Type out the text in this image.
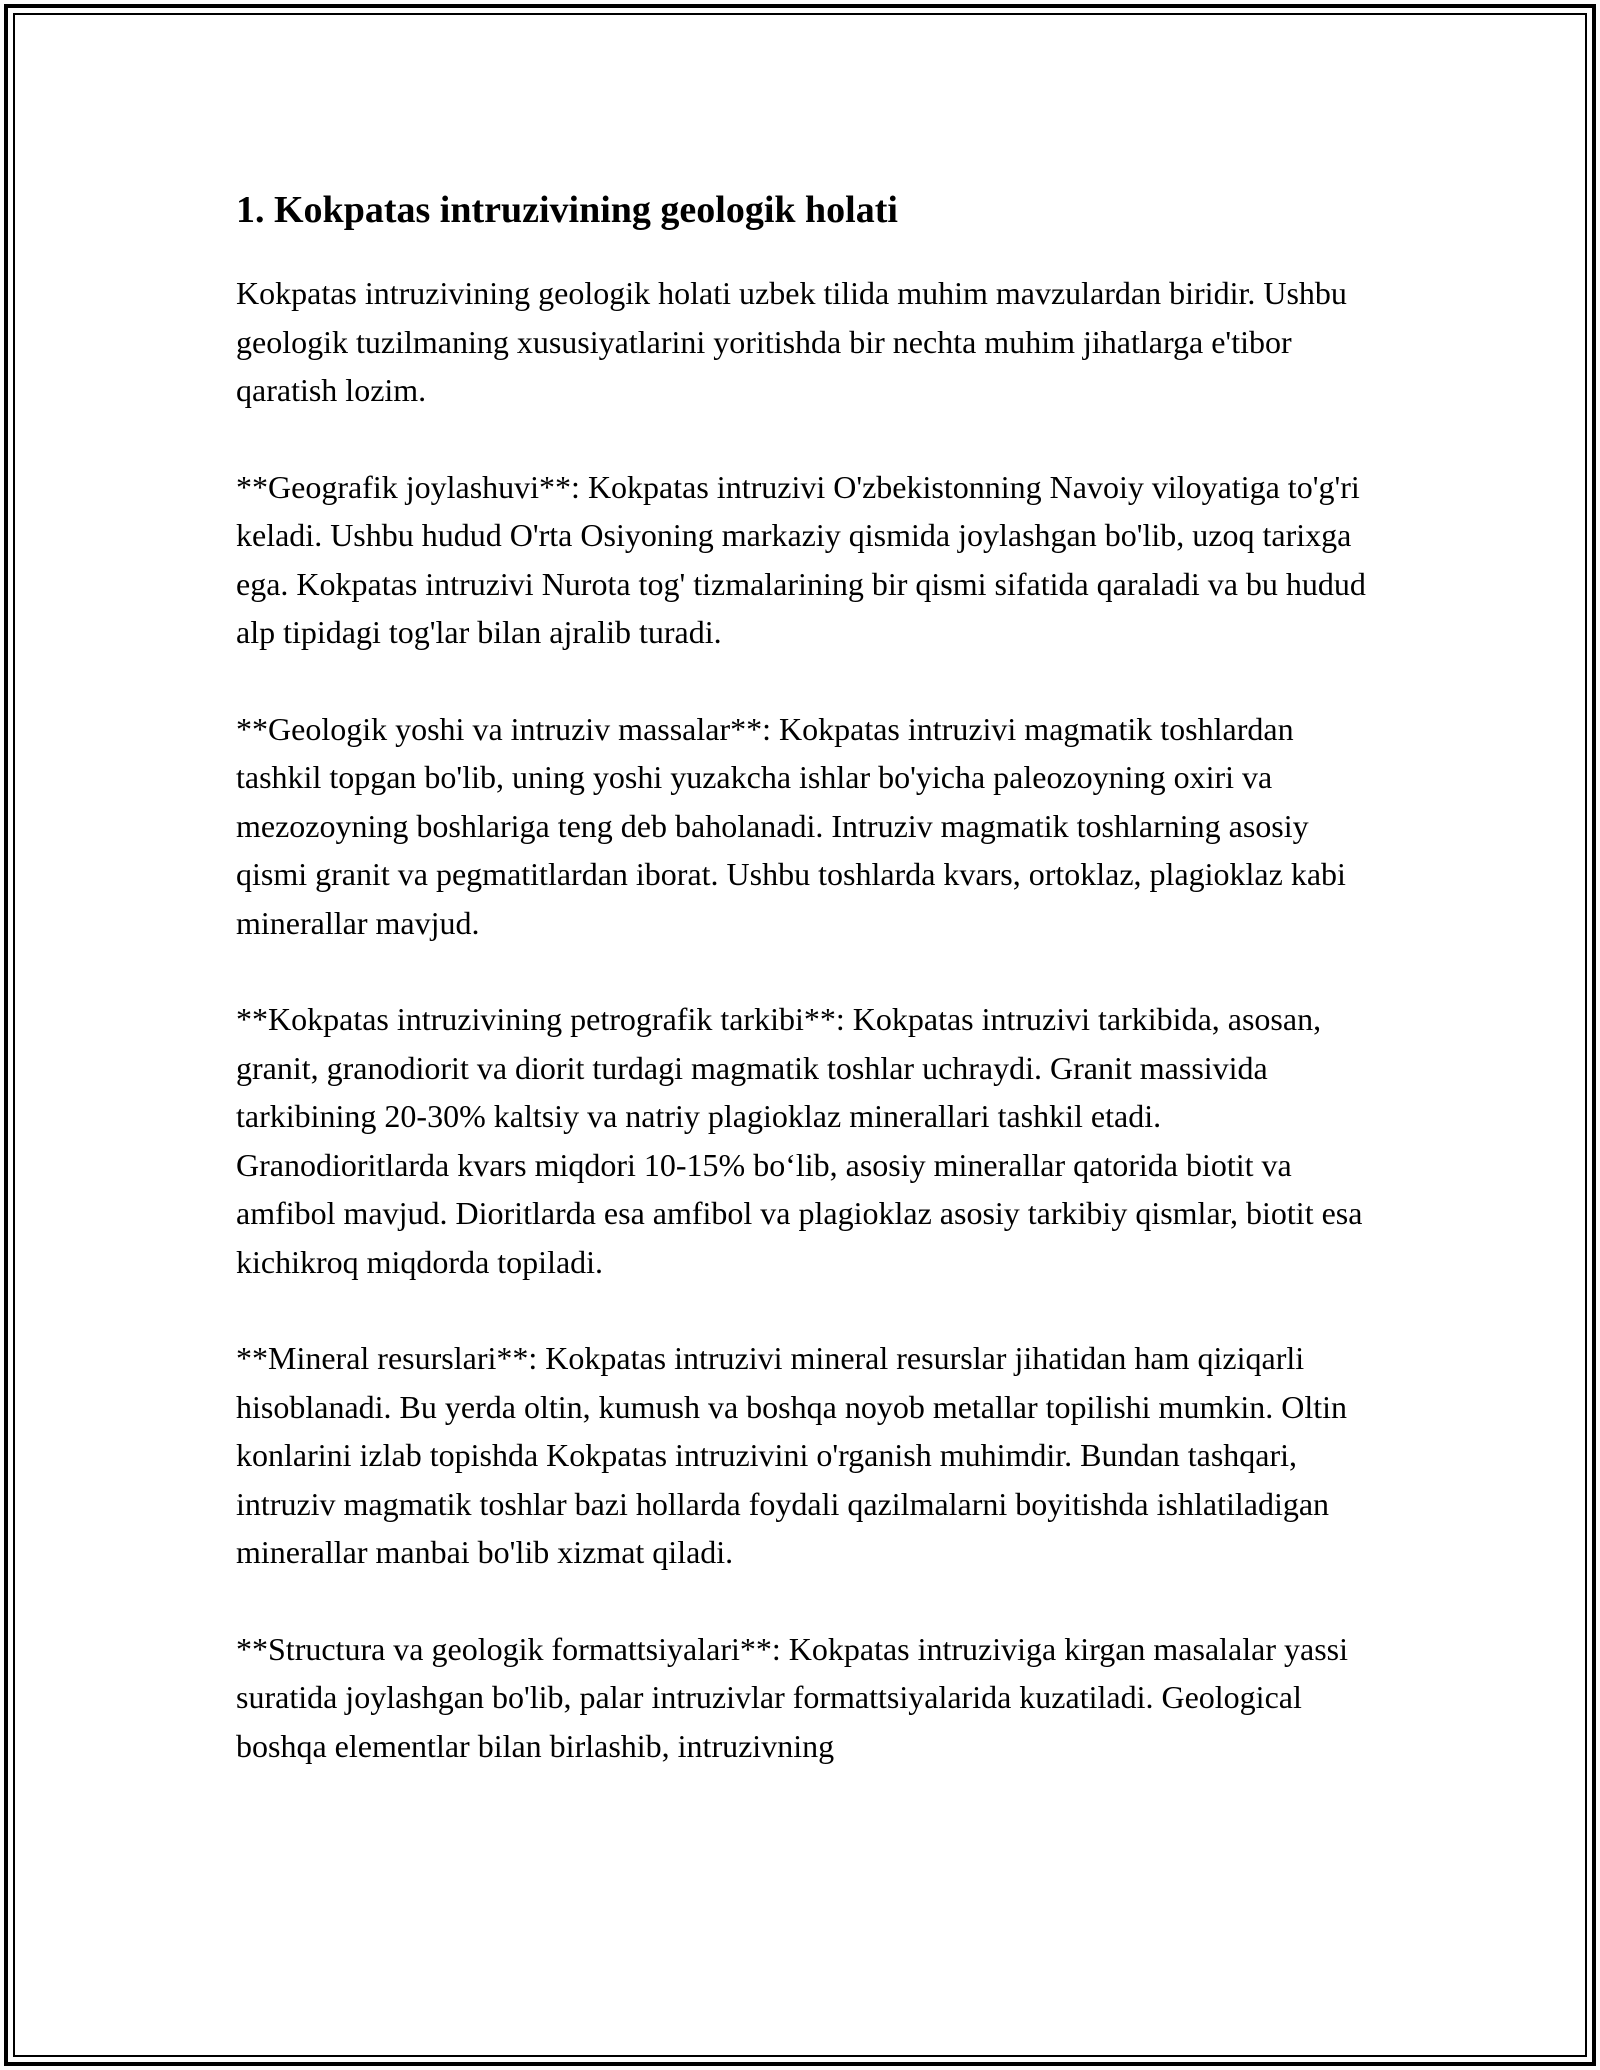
1. Kokpatas intruzivining geologik holati

Kokpatas intruzivining geologik holati uzbek tilida muhim mavzulardan biridir. Ushbu geologik tuzilmaning xususiyatlarini yoritishda bir nechta muhim jihatlarga e'tibor qaratish lozim.

**Geografik joylashuvi**: Kokpatas intruzivi O'zbekistonning Navoiy viloyatiga to'g'ri keladi. Ushbu hudud O'rta Osiyoning markaziy qismida joylashgan bo'lib, uzoq tarixga ega. Kokpatas intruzivi Nurota tog' tizmalarining bir qismi sifatida qaraladi va bu hudud alp tipidagi tog'lar bilan ajralib turadi.

**Geologik yoshi va intruziv massalar**: Kokpatas intruzivi magmatik toshlardan tashkil topgan bo'lib, uning yoshi yuzakcha ishlar bo'yicha paleozoyning oxiri va mezozoyning boshlariga teng deb baholanadi. Intruziv magmatik toshlarning asosiy qismi granit va pegmatitlardan iborat. Ushbu toshlarda kvars, ortoklaz, plagioklaz kabi minerallar mavjud.

**Kokpatas intruzivining petrografik tarkibi**: Kokpatas intruzivi tarkibida, asosan, granit, granodiorit va diorit turdagi magmatik toshlar uchraydi. Granit massivida tarkibining 20-30% kaltsiy va natriy plagioklaz minerallari tashkil etadi. Granodioritlarda kvars miqdori 10-15% bo‘lib, asosiy minerallar qatorida biotit va amfibol mavjud. Dioritlarda esa amfibol va plagioklaz asosiy tarkibiy qismlar, biotit esa kichikroq miqdorda topiladi.

**Mineral resurslari**: Kokpatas intruzivi mineral resurslar jihatidan ham qiziqarli hisoblanadi. Bu yerda oltin, kumush va boshqa noyob metallar topilishi mumkin. Oltin konlarini izlab topishda Kokpatas intruzivini o'rganish muhimdir. Bundan tashqari, intruziv magmatik toshlar bazi hollarda foydali qazilmalarni boyitishda ishlatiladigan minerallar manbai bo'lib xizmat qiladi.

**Structura va geologik formattsiyalari**: Kokpatas intruziviga kirgan masalalar yassi suratida joylashgan bo'lib, palar intruzivlar formattsiyalarida kuzatiladi. Geological boshqa elementlar bilan birlashib, intruzivning
